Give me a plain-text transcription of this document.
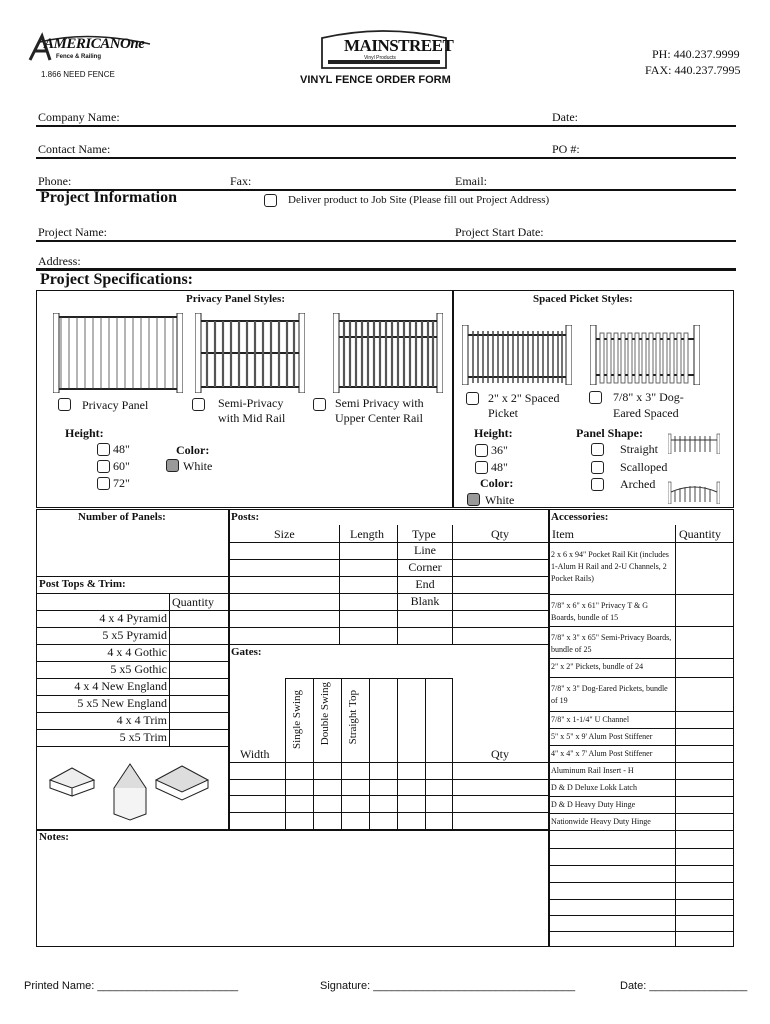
AMERICANOne
Fence & Railing
1.866 NEED FENCE
MAINSTREET
Vinyl Products
VINYL FENCE ORDER FORM
PH: 440.237.9999
FAX: 440.237.7995
Company Name:	Date:
Contact Name:	PO #:
Phone:	Fax:	Email:
Project Information	Deliver product to Job Site (Please fill out Project Address)
Project Name:	Project Start Date:
Address:
Project Specifications:
Privacy Panel Styles:	Spaced Picket Styles:
Privacy Panel	Semi-Privacy
with Mid Rail
Semi Privacy with
Upper Center Rail
2" x 2" Spaced
Picket
7/8" x 3" Dog-
Eared Spaced
Height:
48"
60"
72"
Color:
White
Height:
36"
48"
Color:
White
Panel Shape:
Straight
Scalloped
Arched
Number of Panels:
Post Tops & Trim:
Quantity
4 x 4 Pyramid
5 x5 Pyramid
4 x 4 Gothic
5 x5 Gothic
4 x 4 New England
5 x5 New England
4 x 4 Trim
5 x5 Trim
Posts:
Size	Length Type	Qty
Line
Corner
End
Blank
Gates:
Single Swing Double Swing Straight Top
Width	Qty
Accessories:
Item	Quantity
2 x 6 x 94" Pocket Rail Kit (includes 1-Alum H Rail and 2-U Channels, 2 Pocket Rails)
7/8" x 6" x 61" Privacy T & G Boards, bundle of 15
7/8" x 3" x 65" Semi-Privacy Boards, bundle of 25
2" x 2" Pickets, bundle of 24
7/8" x 3" Dog-Eared Pickets, bundle of 19
7/8" x 1-1/4" U Channel
5" x 5" x 9' Alum Post Stiffener
4" x 4" x 7' Alum Post Stiffener
Aluminum Rail Insert - H
D & D Deluxe Lokk Latch
D & D Heavy Duty Hinge
Nationwide Heavy Duty Hinge
Notes:
Printed Name: _______________________	Signature: _________________________________	Date: ________________
